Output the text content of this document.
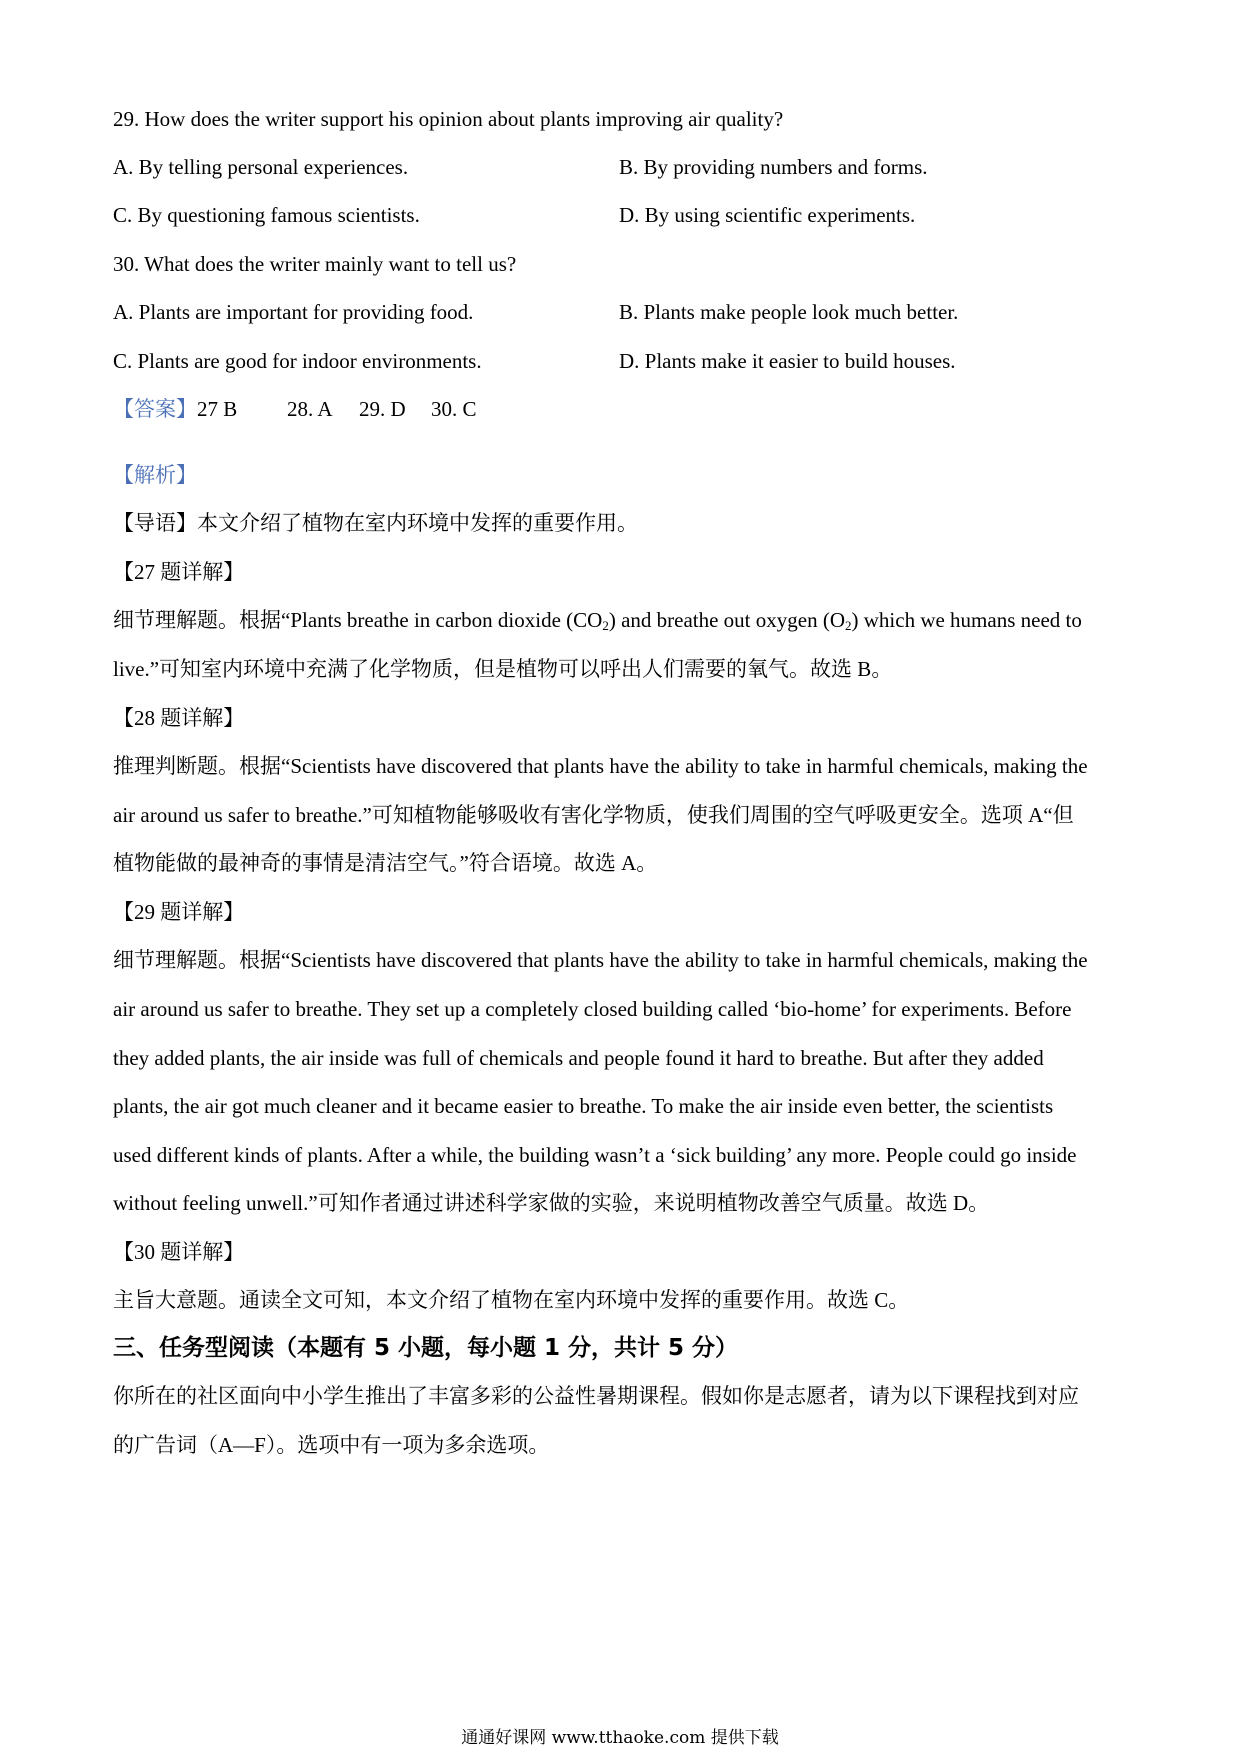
29. How does the writer support his opinion about plants improving air quality?
A. By telling personal experiences.	B. By providing numbers and forms.
C. By questioning famous scientists.	D. By using scientific experiments.
30. What does the writer mainly want to tell us?
A. Plants are important for providing food.	B. Plants make people look much better.
C. Plants are good for indoor environments.	D. Plants make it easier to build houses.
【答案】27 B 28. A 29. D 30. C
【解析】
【导语】本文介绍了植物在室内环境中发挥的重要作用。
【27 题详解】
细节理解题。根据“Plants breathe in carbon dioxide $(CO_2)$ and breathe out oxygen $(O_2)$ which we humans need to
live.”可知室内环境中充满了化学物质，但是植物可以呼出人们需要的氧气。故选 B。
【28 题详解】
推理判断题。根据“Scientists have discovered that plants have the ability to take in harmful chemicals, making the
air around us safer to breathe.”可知植物能够吸收有害化学物质，使我们周围的空气呼吸更安全。选项 A“但
植物能做的最神奇的事情是清洁空气。”符合语境。故选 A。
【29 题详解】
细节理解题。根据“Scientists have discovered that plants have the ability to take in harmful chemicals, making the
air around us safer to breathe. They set up a completely closed building called ‘bio-home’ for experiments. Before
they added plants, the air inside was full of chemicals and people found it hard to breathe. But after they added
plants, the air got much cleaner and it became easier to breathe. To make the air inside even better, the scientists
used different kinds of plants. After a while, the building wasn’t a ‘sick building’ any more. People could go inside
without feeling unwell.”可知作者通过讲述科学家做的实验，来说明植物改善空气质量。故选 D。
【30 题详解】
主旨大意题。通读全文可知，本文介绍了植物在室内环境中发挥的重要作用。故选 C。
三、任务型阅读（本题有 5 小题，每小题 1 分，共计 5 分）
你所在的社区面向中小学生推出了丰富多彩的公益性暑期课程。假如你是志愿者，请为以下课程找到对应
的广告词（A—F）。选项中有一项为多余选项。
通通好课网 www.tthaoke.com 提供下载
